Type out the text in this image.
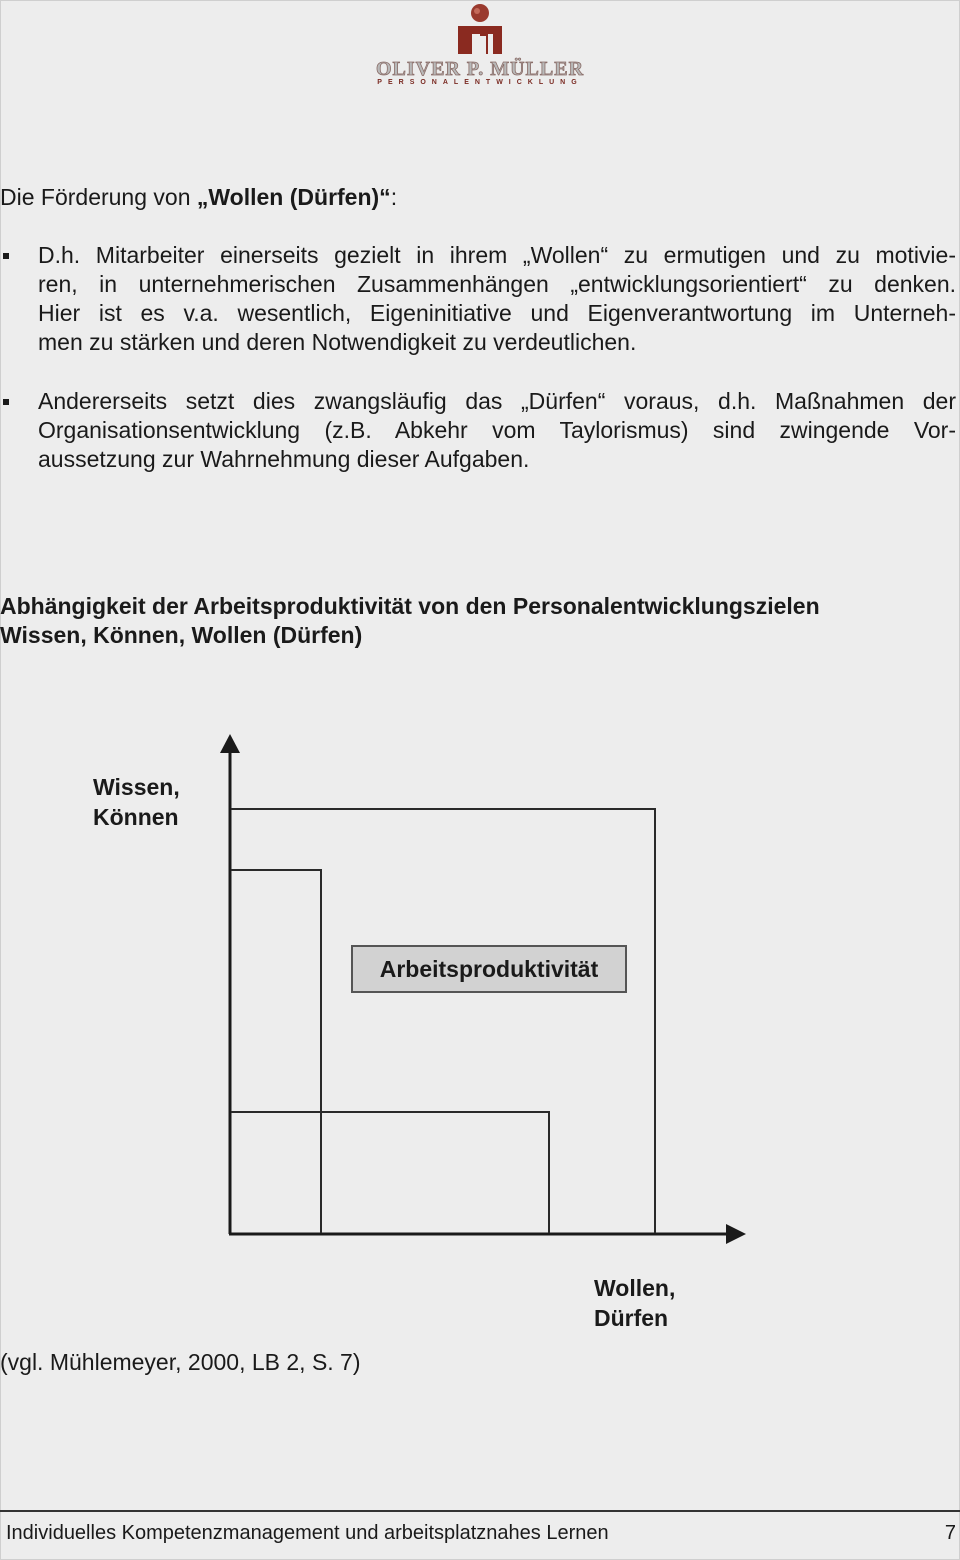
OLIVER P. MÜLLER
PERSONALENTWICKLUNG
Die Förderung von „Wollen (Dürfen)“:
D.h. Mitarbeiter einerseits gezielt in ihrem „Wollen“ zu ermutigen und zu motivie-
ren, in unternehmerischen Zusammenhängen „entwicklungsorientiert“ zu denken.
Hier ist es v.a. wesentlich, Eigeninitiative und Eigenverantwortung im Unterneh-
men zu stärken und deren Notwendigkeit zu verdeutlichen.
Andererseits setzt dies zwangsläufig das „Dürfen“ voraus, d.h. Maßnahmen der
Organisationsentwicklung (z.B. Abkehr vom Taylorismus) sind zwingende Vor-
aussetzung zur Wahrnehmung dieser Aufgaben.
Abhängigkeit der Arbeitsproduktivität von den Personalentwicklungszielen
Wissen, Können, Wollen (Dürfen)
Wissen,
Können
Arbeitsproduktivität
Wollen,
Dürfen
(vgl. Mühlemeyer, 2000, LB 2, S. 7)
Individuelles Kompetenzmanagement und arbeitsplatznahes Lernen	7
